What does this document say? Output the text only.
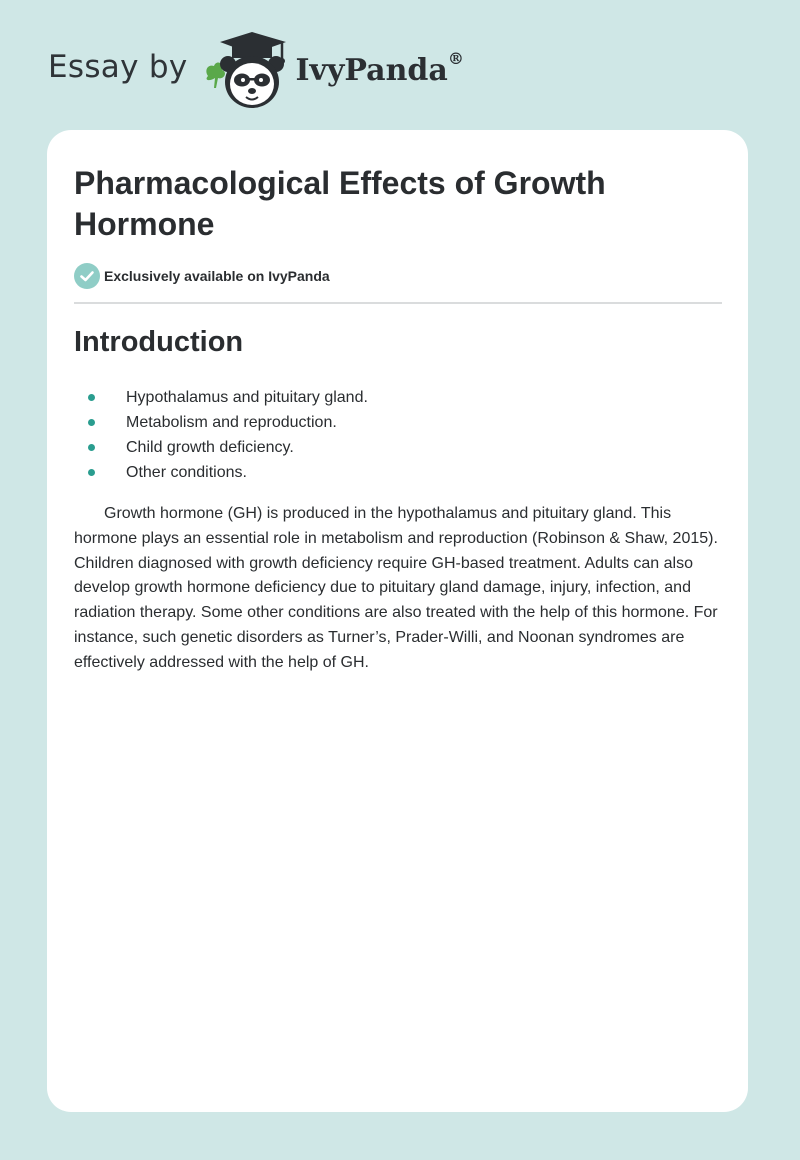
Essay by	IvyPanda®
Pharmacological Effects of Growth Hormone
Exclusively available on IvyPanda
Introduction
Hypothalamus and pituitary gland.
Metabolism and reproduction.
Child growth deficiency.
Other conditions.

Growth hormone (GH) is produced in the hypothalamus and pituitary gland. This hormone plays an essential role in metabolism and reproduction (Robinson & Shaw, 2015). Children diagnosed with growth deficiency require GH-based treatment. Adults can also develop growth hormone deficiency due to pituitary gland damage, injury, infection, and radiation therapy. Some other conditions are also treated with the help of this hormone. For instance, such genetic disorders as Turner’s, Prader-Willi, and Noonan syndromes are effectively addressed with the help of GH.
